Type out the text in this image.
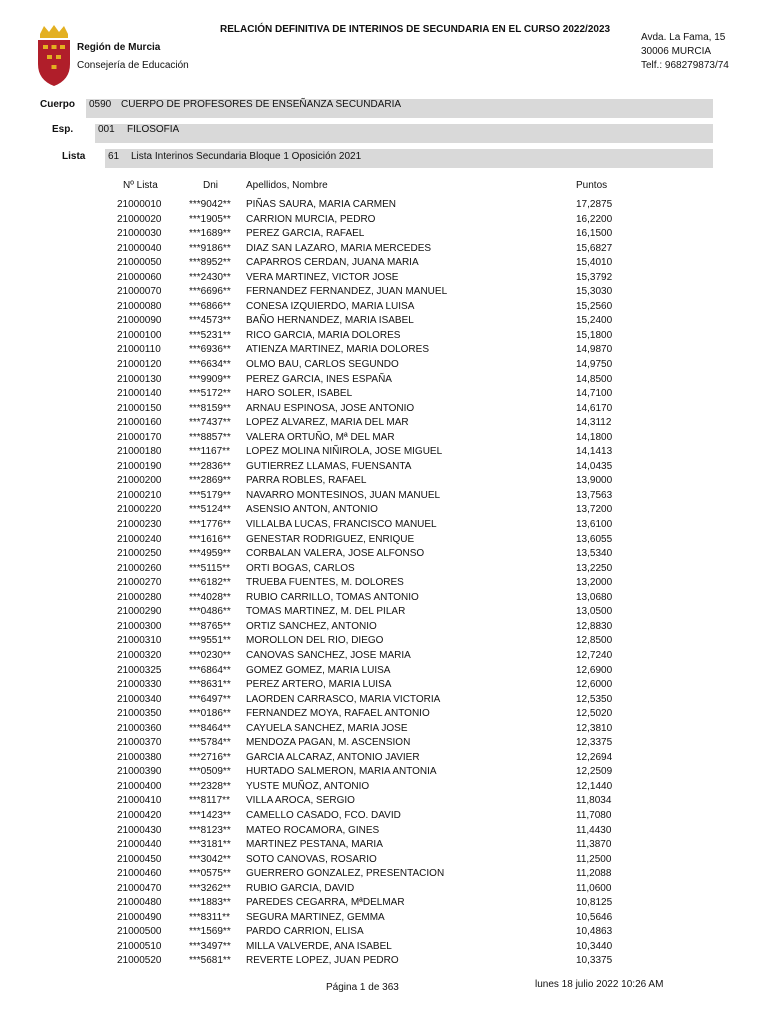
Región de Murcia
Consejería de Educación
RELACIÓN DEFINITIVA DE INTERINOS DE SECUNDARIA EN EL CURSO 2022/2023
Avda. La Fama, 15
30006 MURCIA
Telf.: 968279873/74
Cuerpo 0590 CUERPO DE PROFESORES DE ENSEÑANZA SECUNDARIA
Esp. 001 FILOSOFIA
Lista 61 Lista Interinos Secundaria Bloque 1 Oposición 2021
Nº Lista	Dni	Apellidos, Nombre	Puntos
21000010	***9042** PIÑAS SAURA, MARIA CARMEN	17,2875
21000020	***1905** CARRION MURCIA, PEDRO	16,2200
21000030	***1689** PEREZ GARCIA, RAFAEL	16,1500
21000040	***9186** DIAZ SAN LAZARO, MARIA MERCEDES	15,6827
21000050	***8952** CAPARROS CERDAN, JUANA MARIA	15,4010
21000060	***2430** VERA MARTINEZ, VICTOR JOSE	15,3792
21000070	***6696** FERNANDEZ FERNANDEZ, JUAN MANUEL	15,3030
21000080	***6866** CONESA IZQUIERDO, MARIA LUISA	15,2560
21000090	***4573** BAÑO HERNANDEZ, MARIA ISABEL	15,2400
21000100	***5231** RICO GARCIA, MARIA DOLORES	15,1800
21000110	***6936** ATIENZA MARTINEZ, MARIA DOLORES	14,9870
21000120	***6634** OLMO BAU, CARLOS SEGUNDO	14,9750
21000130	***9909** PEREZ GARCIA, INES ESPAÑA	14,8500
21000140	***5172** HARO SOLER, ISABEL	14,7100
21000150	***8159** ARNAU ESPINOSA, JOSE ANTONIO	14,6170
21000160	***7437** LOPEZ ALVAREZ, MARIA DEL MAR	14,3112
21000170	***8857** VALERA ORTUÑO, Mª DEL MAR	14,1800
21000180	***1167** LOPEZ MOLINA NIÑIROLA, JOSE MIGUEL	14,1413
21000190	***2836** GUTIERREZ LLAMAS, FUENSANTA	14,0435
21000200	***2869** PARRA ROBLES, RAFAEL	13,9000
21000210	***5179** NAVARRO MONTESINOS, JUAN MANUEL	13,7563
21000220	***5124** ASENSIO ANTON, ANTONIO	13,7200
21000230	***1776** VILLALBA LUCAS, FRANCISCO MANUEL	13,6100
21000240	***1616** GENESTAR RODRIGUEZ, ENRIQUE	13,6055
21000250	***4959** CORBALAN VALERA, JOSE ALFONSO	13,5340
21000260	***5115** ORTI BOGAS, CARLOS	13,2250
21000270	***6182** TRUEBA FUENTES, M. DOLORES	13,2000
21000280	***4028** RUBIO CARRILLO, TOMAS ANTONIO	13,0680
21000290	***0486** TOMAS MARTINEZ, M. DEL PILAR	13,0500
21000300	***8765** ORTIZ SANCHEZ, ANTONIO	12,8830
21000310	***9551** MOROLLON DEL RIO, DIEGO	12,8500
21000320	***0230** CANOVAS SANCHEZ, JOSE MARIA	12,7240
21000325	***6864** GOMEZ GOMEZ, MARIA LUISA	12,6900
21000330	***8631** PEREZ ARTERO, MARIA LUISA	12,6000
21000340	***6497** LAORDEN CARRASCO, MARIA VICTORIA	12,5350
21000350	***0186** FERNANDEZ MOYA, RAFAEL ANTONIO	12,5020
21000360	***8464** CAYUELA SANCHEZ, MARIA JOSE	12,3810
21000370	***5784** MENDOZA PAGAN, M. ASCENSION	12,3375
21000380	***2716** GARCIA ALCARAZ, ANTONIO JAVIER	12,2694
21000390	***0509** HURTADO SALMERON, MARIA ANTONIA	12,2509
21000400	***2328** YUSTE MUÑOZ, ANTONIO	12,1440
21000410	***8117** VILLA AROCA, SERGIO	11,8034
21000420	***1423** CAMELLO CASADO, FCO. DAVID	11,7080
21000430	***8123** MATEO ROCAMORA, GINES	11,4430
21000440	***3181** MARTINEZ PESTANA, MARIA	11,3870
21000450	***3042** SOTO CANOVAS, ROSARIO	11,2500
21000460	***0575** GUERRERO GONZALEZ, PRESENTACION	11,2088
21000470	***3262** RUBIO GARCIA, DAVID	11,0600
21000480	***1883** PAREDES CEGARRA, MªDELMAR	10,8125
21000490	***8311** SEGURA MARTINEZ, GEMMA	10,5646
21000500	***1569** PARDO CARRION, ELISA	10,4863
21000510	***3497** MILLA VALVERDE, ANA ISABEL	10,3440
21000520	***5681** REVERTE LOPEZ, JUAN PEDRO	10,3375
Página 1 de 363	lunes 18 julio 2022 10:26 AM
